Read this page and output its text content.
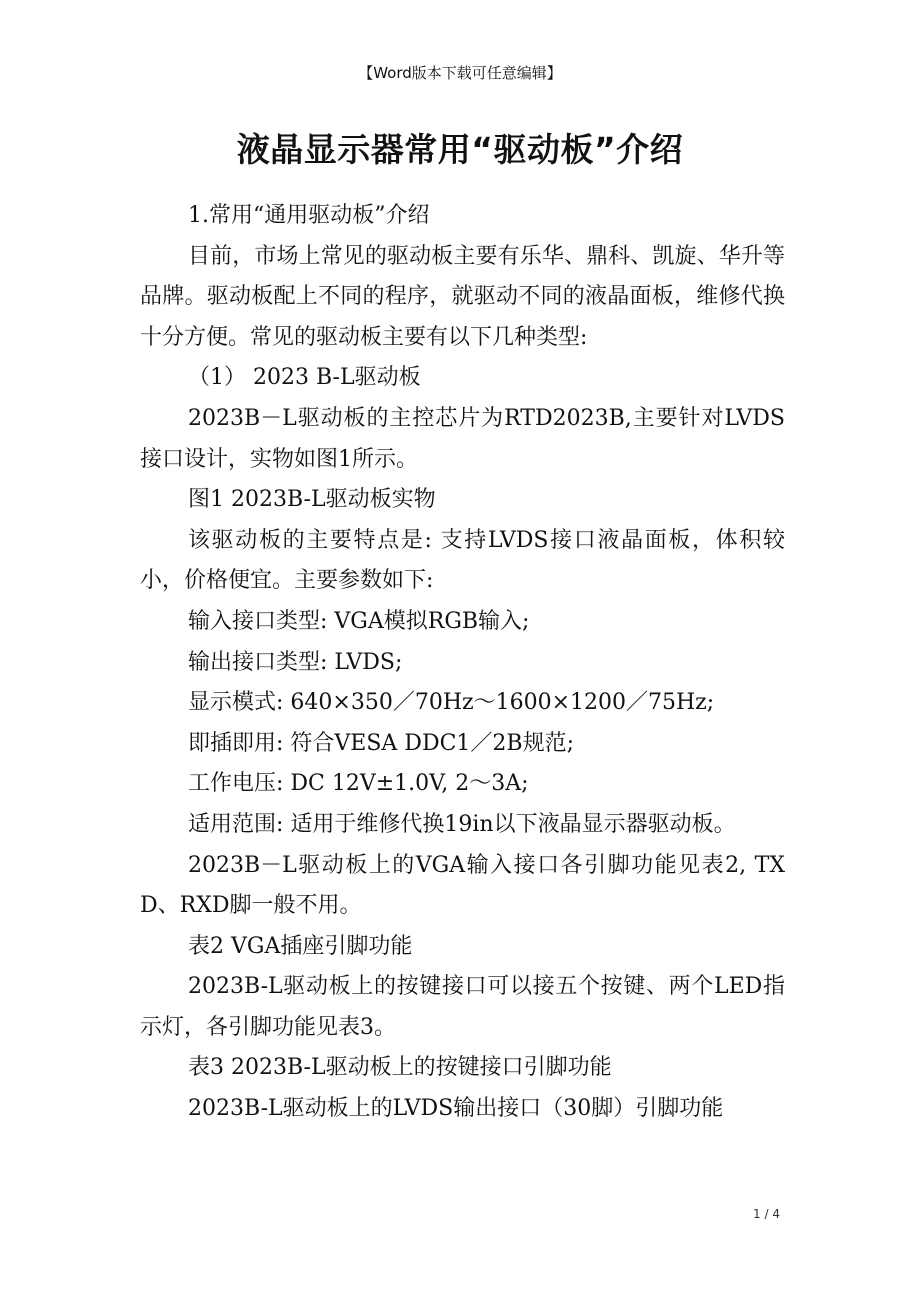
【Word版本下载可任意编辑】
液晶显示器常用“驱动板”介绍

1.常用“通用驱动板”介绍

目前，市场上常见的驱动板主要有乐华、鼎科、凯旋、华升等品牌。驱动板配上不同的程序，就驱动不同的液晶面板，维修代换十分方便。常见的驱动板主要有以下几种类型:

（1） 2023 B-L驱动板

2023B－L驱动板的主控芯片为RTD2023B,主要针对LVDS接口设计，实物如图1所示。

图1 2023B-L驱动板实物

该驱动板的主要特点是: 支持LVDS接口液晶面板，体积较小，价格便宜。主要参数如下:

输入接口类型: VGA模拟RGB输入;

输出接口类型: LVDS;

显示模式: 640×350／70Hz～1600×1200／75Hz;

即插即用: 符合VESA DDC1／2B规范;

工作电压: DC 12V±1.0V, 2～3A;

适用范围: 适用于维修代换19in以下液晶显示器驱动板。

2023B－L驱动板上的VGA输入接口各引脚功能见表2, TXD、RXD脚一般不用。

表2 VGA插座引脚功能

2023B-L驱动板上的按键接口可以接五个按键、两个LED指示灯，各引脚功能见表3。

表3 2023B-L驱动板上的按键接口引脚功能

2023B-L驱动板上的LVDS输出接口（30脚）引脚功能

1 / 4
